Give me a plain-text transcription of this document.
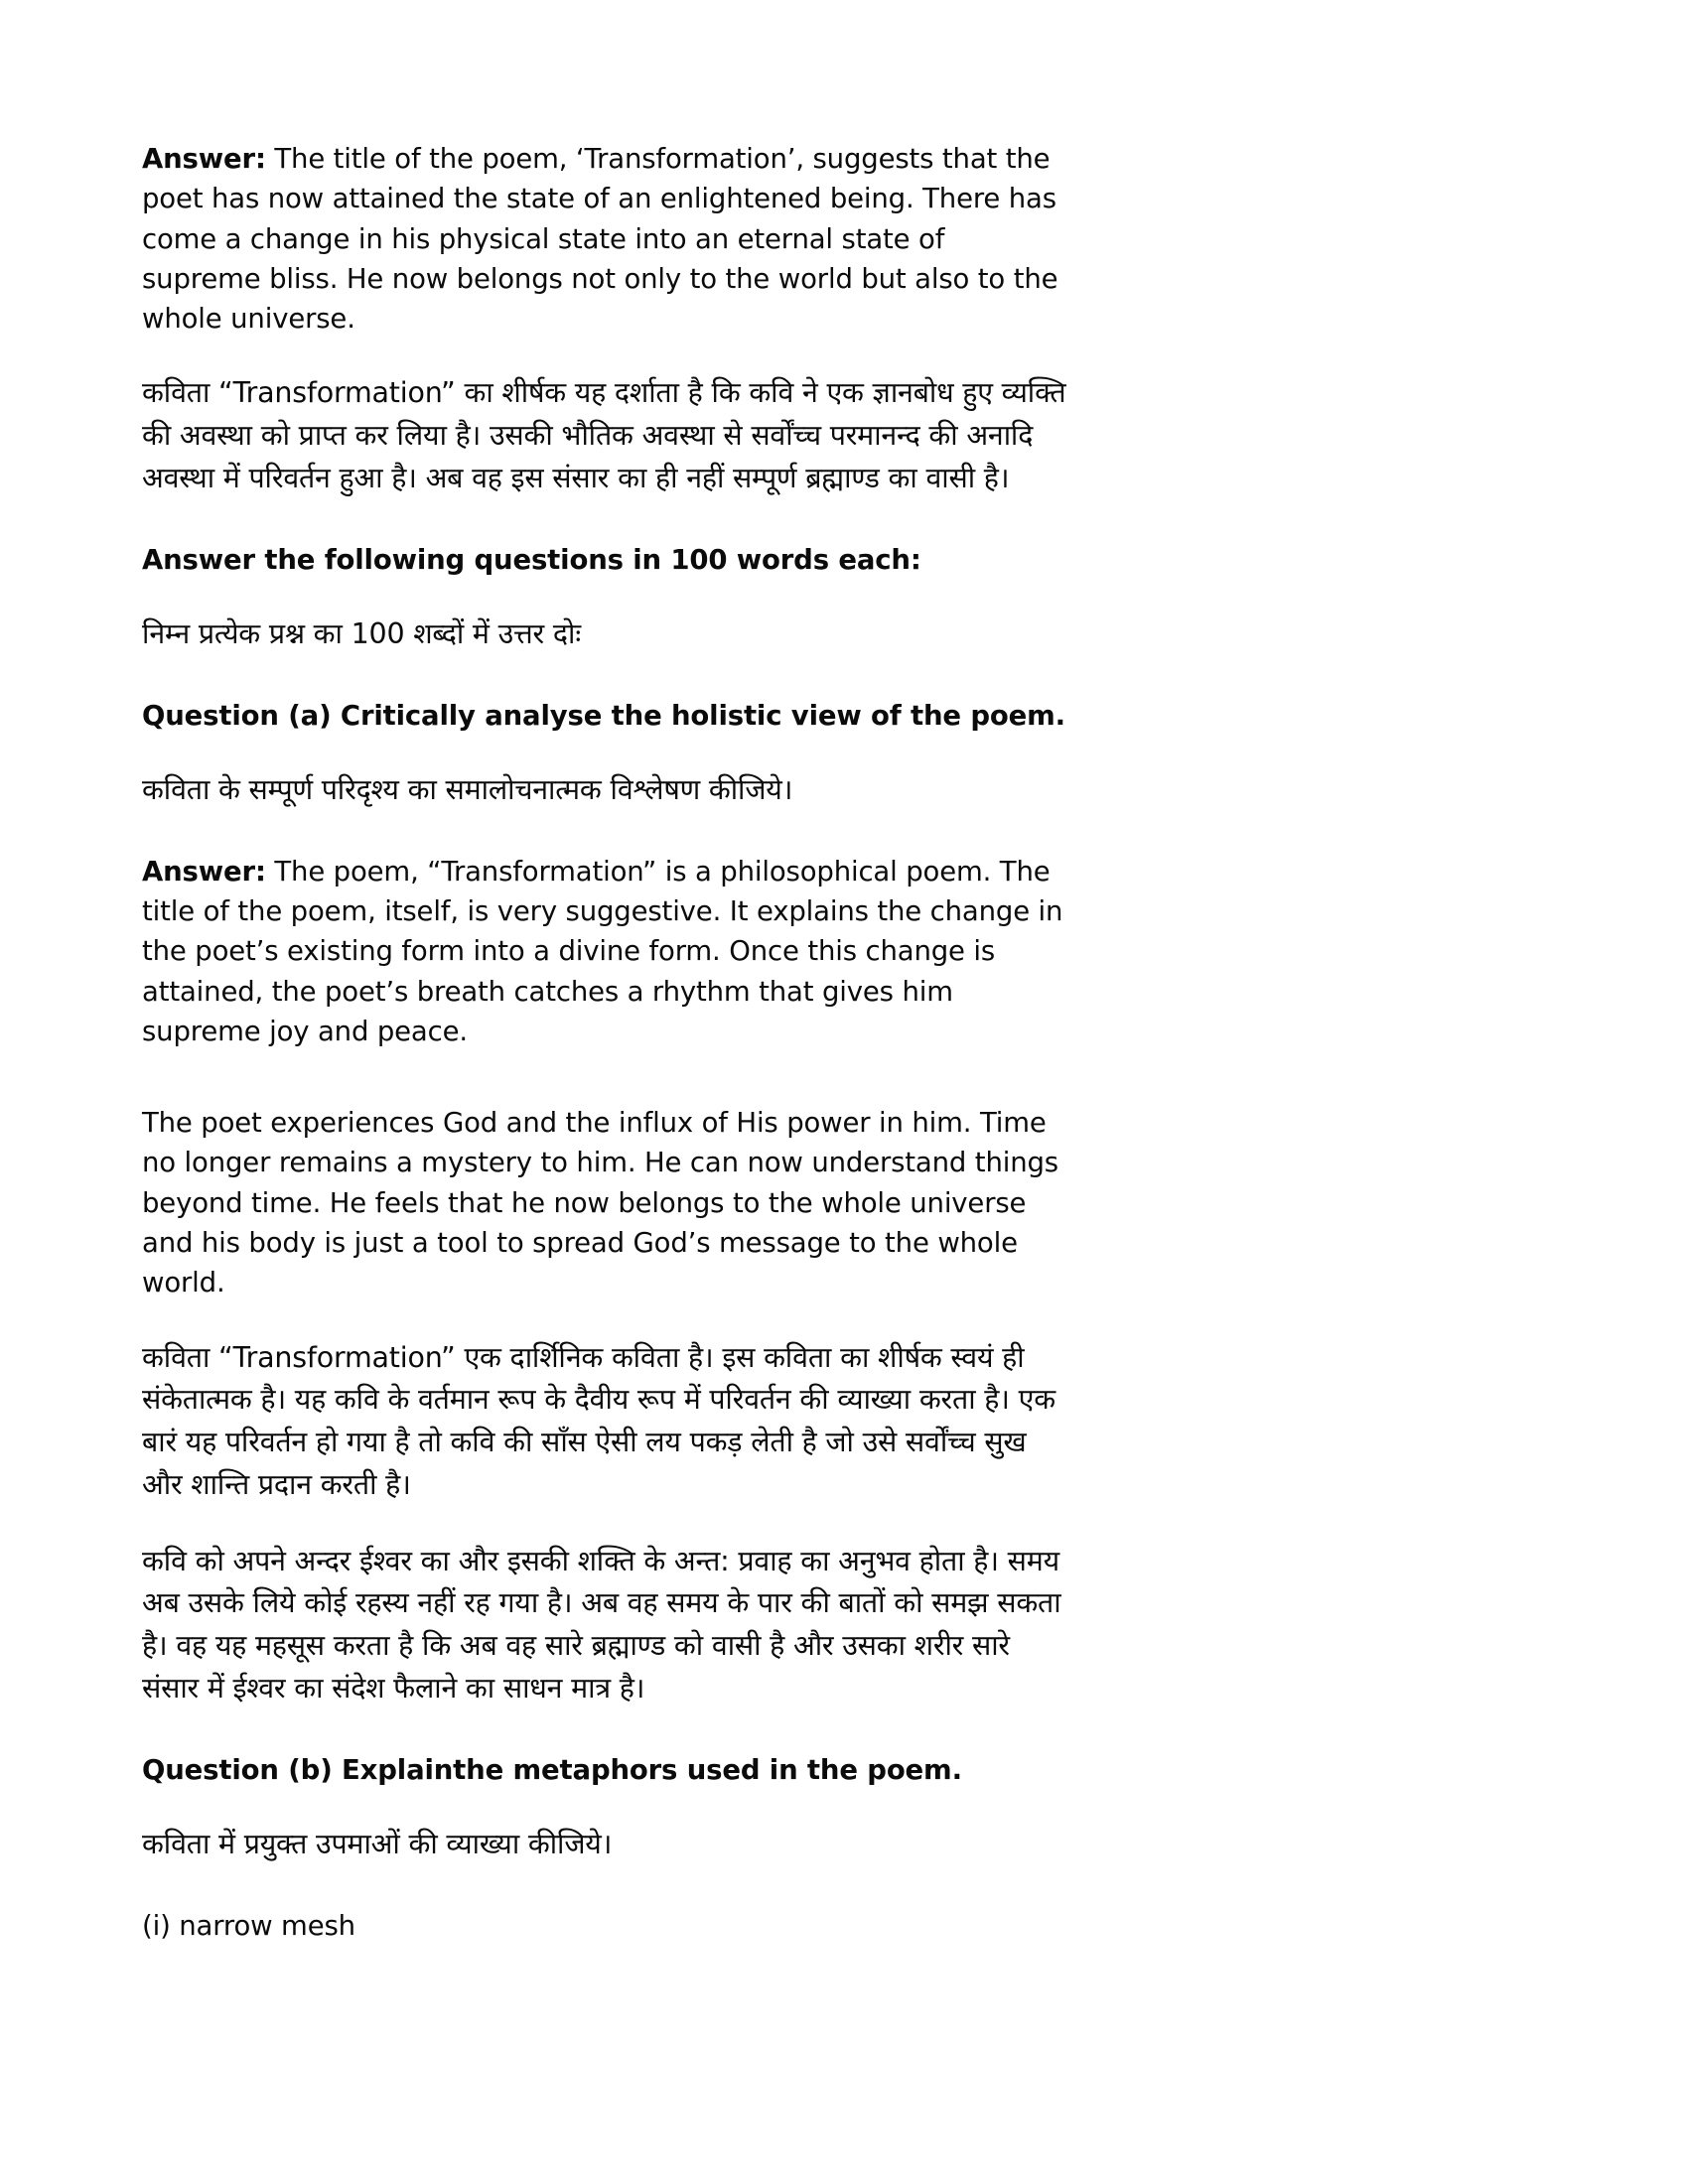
Answer: The title of the poem, ‘Transformation’, suggests that the poet has now attained the state of an enlightened being. There has come a change in his physical state into an eternal state of supreme bliss. He now belongs not only to the world but also to the whole universe.

कविता “Transformation” का शीर्षक यह दर्शाता है कि कवि ने एक ज्ञानबोध हुए व्यक्ति की अवस्था को प्राप्त कर लिया है। उसकी भौतिक अवस्था से सर्वोंच्च परमानन्द की अनादि अवस्था में परिवर्तन हुआ है। अब वह इस संसार का ही नहीं सम्पूर्ण ब्रह्माण्ड का वासी है।

Answer the following questions in 100 words each:

निम्न प्रत्येक प्रश्न का 100 शब्दों में उत्तर दोः

Question (a) Critically analyse the holistic view of the poem.

कविता के सम्पूर्ण परिदृश्य का समालोचनात्मक विश्लेषण कीजिये।

Answer: The poem, “Transformation” is a philosophical poem. The title of the poem, itself, is very suggestive. It explains the change in the poet’s existing form into a divine form. Once this change is attained, the poet’s breath catches a rhythm that gives him supreme joy and peace.

The poet experiences God and the influx of His power in him. Time no longer remains a mystery to him. He can now understand things beyond time. He feels that he now belongs to the whole universe and his body is just a tool to spread God’s message to the whole world.

कविता “Transformation” एक दार्शिनिक कविता है। इस कविता का शीर्षक स्वयं ही संकेतात्मक है। यह कवि के वर्तमान रूप के दैवीय रूप में परिवर्तन की व्याख्या करता है। एक बारं यह परिवर्तन हो गया है तो कवि की साँस ऐसी लय पकड़ लेती है जो उसे सर्वोंच्च सुख और शान्ति प्रदान करती है।

कवि को अपने अन्दर ईश्वर का और इसकी शक्ति के अन्त: प्रवाह का अनुभव होता है। समय अब उसके लिये कोई रहस्य नहीं रह गया है। अब वह समय के पार की बातों को समझ सकता है। वह यह महसूस करता है कि अब वह सारे ब्रह्माण्ड को वासी है और उसका शरीर सारे संसार में ईश्वर का संदेश फैलाने का साधन मात्र है।

Question (b) Explainthe metaphors used in the poem.

कविता में प्रयुक्त उपमाओं की व्याख्या कीजिये।

(i) narrow mesh
